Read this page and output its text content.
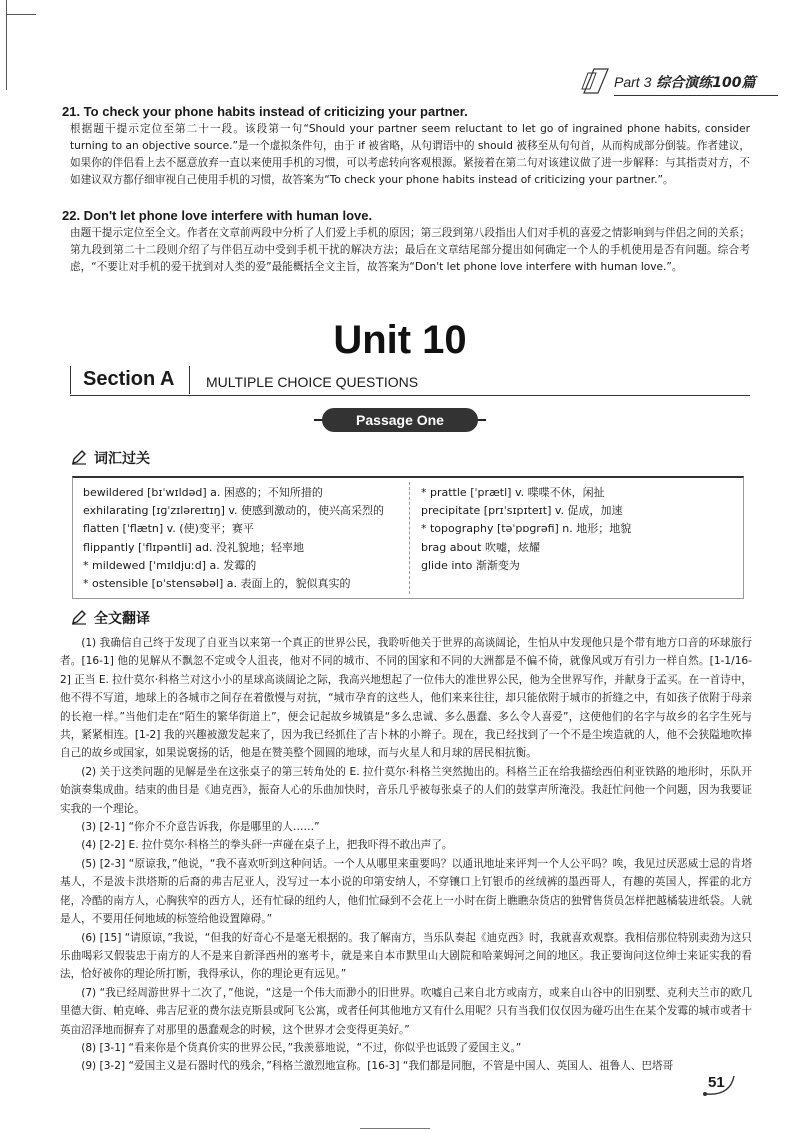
Part 3 综合演练100篇
21. To check your phone habits instead of criticizing your partner.
根据题干提示定位至第二十一段。该段第一句“Should your partner seem reluctant to let go of ingrained phone habits, consider turning to an objective source.”是一个虚拟条件句，由于 if 被省略，从句谓语中的 should 被移至从句句首，从而构成部分倒装。作者建议，如果你的伴侣看上去不愿意放弃一直以来使用手机的习惯，可以考虑转向客观根源。紧接着在第二句对该建议做了进一步解释：与其指责对方，不如建议双方都仔细审视自己使用手机的习惯，故答案为“To check your phone habits instead of criticizing your partner.”。
22. Don't let phone love interfere with human love.
由题干提示定位至全文。作者在文章前两段中分析了人们爱上手机的原因；第三段到第八段指出人们对手机的喜爱之情影响到与伴侣之间的关系；第九段到第二十二段则介绍了与伴侣互动中受到手机干扰的解决方法；最后在文章结尾部分提出如何确定一个人的手机使用是否有问题。综合考虑，“不要让对手机的爱干扰到对人类的爱”最能概括全文主旨，故答案为“Don't let phone love interfere with human love.”。
Unit 10
Section A MULTIPLE CHOICE QUESTIONS
Passage One
词汇过关
bewildered [bɪˈwɪldəd] a. 困惑的；不知所措的
exhilarating [ɪɡˈzɪləreɪtɪŋ] v. 使感到激动的，使兴高采烈的
flatten [ˈflætn] v. (使)变平；赛平
flippantly [ˈflɪpəntli] ad. 没礼貌地；轻率地
* mildewed [ˈmɪldjuːd] a. 发霉的
* ostensible [ɒˈstensəbəl] a. 表面上的，貌似真实的
* prattle [ˈprætl] v. 喋喋不休，闲扯
precipitate [prɪˈsɪpɪteɪt] v. 促成，加速
* topography [təˈpɒɡrəfi] n. 地形；地貌
brag about 吹嘘，炫耀
glide into 渐渐变为
全文翻译

(1) 我确信自己终于发现了自亚当以来第一个真正的世界公民，我聆听他关于世界的高谈阔论，生怕从中发现他只是个带有地方口音的环球旅行者。[16-1] 他的见解从不飘忽不定或令人沮丧，他对不同的城市、不同的国家和不同的大洲都是不偏不倚，就像风或万有引力一样自然。[1-1/16-2] 正当 E. 拉什莫尔·科格兰对这小小的星球高谈阔论之际，我高兴地想起了一位伟大的准世界公民，他为全世界写作，并献身于孟买。在一首诗中，他不得不写道，地球上的各城市之间存在着傲慢与对抗，“城市孕育的这些人，他们来来往往，却只能依附于城市的折缝之中，有如孩子依附于母亲的长袍一样。”当他们走在“陌生的繁华街道上”，便会记起故乡城镇是“多么忠诚、多么愚蠢、多么令人喜爱”，这使他们的名字与故乡的名字生死与共，紧紧相连。[1-2] 我的兴趣被激发起来了，因为我已经抓住了吉卜林的小辫子。现在，我已经找到了一个不是尘埃造就的人，他不会狭隘地吹捧自己的故乡或国家，如果说褒扬的话，他是在赞美整个圆圆的地球，而与火星人和月球的居民相抗衡。

(2) 关于这类问题的见解是坐在这张桌子的第三转角处的 E. 拉什莫尔·科格兰突然抛出的。科格兰正在给我描绘西伯利亚铁路的地形时，乐队开始演奏集成曲。结束的曲目是《迪克西》，振奋人心的乐曲加快时，音乐几乎被每张桌子的人们的鼓掌声所淹没。我赶忙问他一个问题，因为我要证实我的一个理论。

(3) [2-1] “你介不介意告诉我，你是哪里的人……”

(4) [2-2] E. 拉什莫尔·科格兰的拳头砰一声碰在桌子上，把我吓得不敢出声了。

(5) [2-3] “原谅我，”他说，“我不喜欢听到这种问话。一个人从哪里来重要吗？以通讯地址来评判一个人公平吗？唉，我见过厌恶威士忌的肯塔基人，不是波卡洪塔斯的后裔的弗吉尼亚人，没写过一本小说的印第安纳人，不穿镶口上钉银币的丝绒裤的墨西哥人，有趣的英国人，挥霍的北方佬，冷酷的南方人，心胸狭窄的西方人，还有忙碌的纽约人，他们忙碌到不会花上一小时在街上瞧瞧杂货店的独臂售货员怎样把越橘装进纸袋。人就是人，不要用任何地域的标签给他设置障碍。”

(6) [15] “请原谅，”我说，“但我的好奇心不是毫无根据的。我了解南方，当乐队奏起《迪克西》时，我就喜欢观察。我相信那位特别卖劲为这只乐曲喝彩又假装忠于南方的人不是来自新泽西州的塞考卡，就是来自本市默里山大剧院和哈莱姆河之间的地区。我正要询问这位绅士来证实我的看法，恰好被你的理论所打断，我得承认，你的理论更有远见。”

(7) “我已经周游世界十二次了，”他说，“这是一个伟大而渺小的旧世界。吹嘘自己来自北方或南方，或来自山谷中的旧别墅、克利夫兰市的欧几里德大街、帕克峰、弗吉尼亚的费尔法克斯县或阿飞公寓，或者任何其他地方又有什么用呢？只有当我们仅仅因为碰巧出生在某个发霉的城市或者十英亩沼泽地而摒弃了对那里的愚蠢观念的时候，这个世界才会变得更美好。”

(8) [3-1] “看来你是个货真价实的世界公民，”我羡慕地说，“不过，你似乎也诋毁了爱国主义。”

(9) [3-2] “爱国主义是石器时代的残余，”科格兰激烈地宣称。[16-3] “我们都是同胞，不管是中国人、英国人、祖鲁人、巴塔哥

51
